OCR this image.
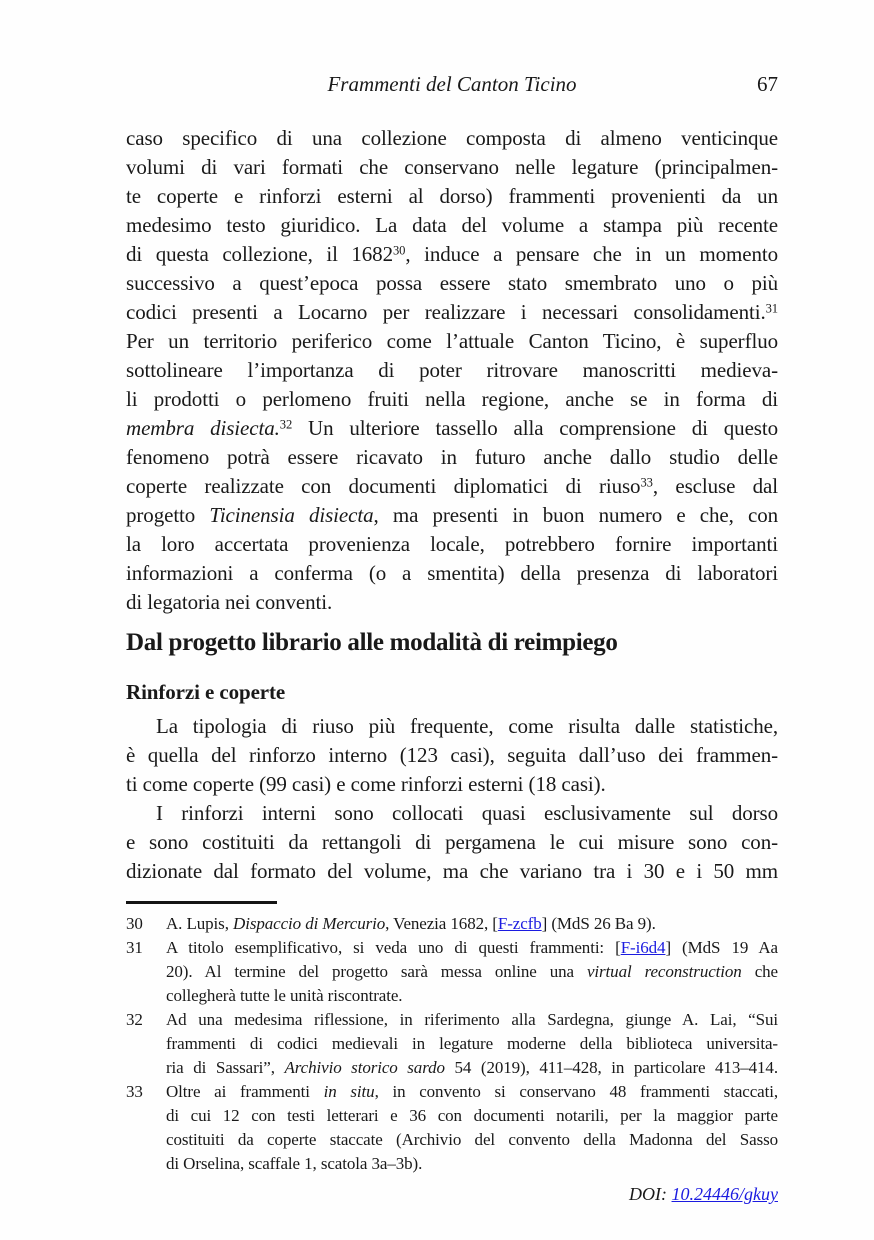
Frammenti del Canton Ticino	67
caso specifico di una collezione composta di almeno venticinque
volumi di vari formati che conservano nelle legature (principalmen-
te coperte e rinforzi esterni al dorso) frammenti provenienti da un
medesimo testo giuridico. La data del volume a stampa più recente
di questa collezione, il 1682$^{30}$, induce a pensare che in un momento
successivo a quest’epoca possa essere stato smembrato uno o più
codici presenti a Locarno per realizzare i necessari consolidamenti.$^{31}$
Per un territorio periferico come l’attuale Canton Ticino, è superfluo
sottolineare l’importanza di poter ritrovare manoscritti medieva-
li prodotti o perlomeno fruiti nella regione, anche se in forma di
membra disiecta.$^{32}$ Un ulteriore tassello alla comprensione di questo
fenomeno potrà essere ricavato in futuro anche dallo studio delle
coperte realizzate con documenti diplomatici di riuso$^{33}$, escluse dal
progetto Ticinensia disiecta, ma presenti in buon numero e che, con
la loro accertata provenienza locale, potrebbero fornire importanti
informazioni a conferma (o a smentita) della presenza di laboratori
di legatoria nei conventi.
Dal progetto librario alle modalità di reimpiego
Rinforzi e coperte
La tipologia di riuso più frequente, come risulta dalle statistiche,
è quella del rinforzo interno (123 casi), seguita dall’uso dei frammen-
ti come coperte (99 casi) e come rinforzi esterni (18 casi).
I rinforzi interni sono collocati quasi esclusivamente sul dorso
e sono costituiti da rettangoli di pergamena le cui misure sono con-
dizionate dal formato del volume, ma che variano tra i 30 e i 50 mm
30	A. Lupis, Dispaccio di Mercurio, Venezia 1682, [F-zcfb] (MdS 26 Ba 9).
31	A titolo esemplificativo, si veda uno di questi frammenti: [F-i6d4] (MdS 19 Aa
20). Al termine del progetto sarà messa online una virtual reconstruction che
collegherà tutte le unità riscontrate.
32	Ad una medesima riflessione, in riferimento alla Sardegna, giunge A. Lai, “Sui
frammenti di codici medievali in legature moderne della biblioteca universita-
ria di Sassari”, Archivio storico sardo 54 (2019), 411–428, in particolare 413–414.
33	Oltre ai frammenti in situ, in convento si conservano 48 frammenti staccati,
di cui 12 con testi letterari e 36 con documenti notarili, per la maggior parte
costituiti da coperte staccate (Archivio del convento della Madonna del Sasso
di Orselina, scaffale 1, scatola 3a–3b).
DOI: 10.24446/gkuy
